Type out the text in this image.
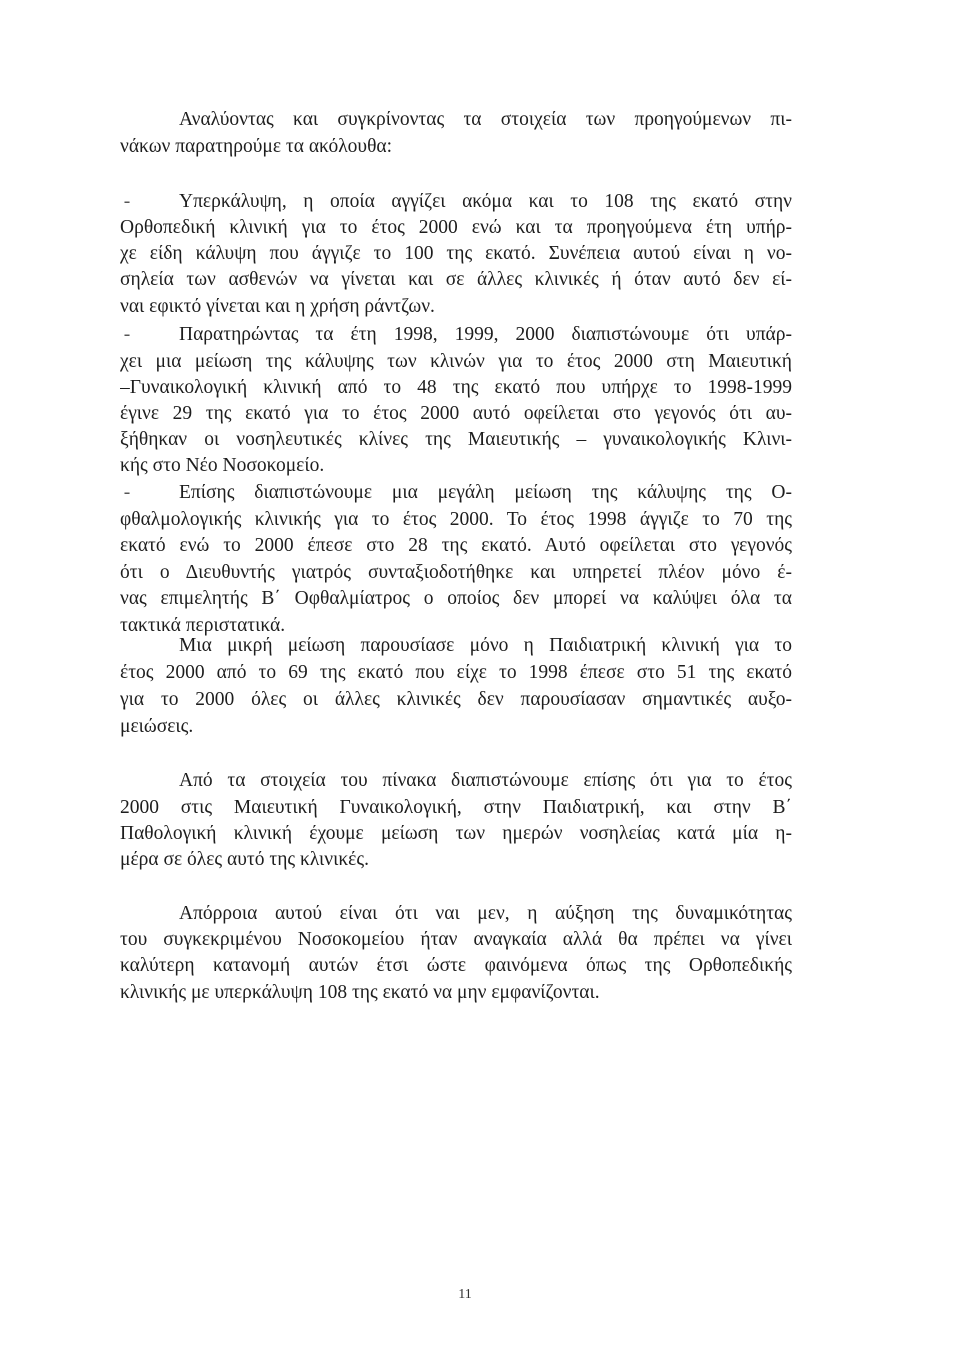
Αναλύοντας και συγκρίνοντας τα στοιχεία των προηγούμενων πι-
νάκων παρατηρούμε τα ακόλουθα:
-	Υπερκάλυψη, η οποία αγγίζει ακόμα και το 108 της εκατό στην
Ορθοπεδική κλινική για το έτος 2000 ενώ και τα προηγούμενα έτη υπήρ-
χε είδη κάλυψη που άγγιζε το 100 της εκατό. Συνέπεια αυτού είναι η νο-
σηλεία των ασθενών να γίνεται και σε άλλες κλινικές ή όταν αυτό δεν εί-
ναι εφικτό γίνεται και η χρήση ράντζων.
-	Παρατηρώντας τα έτη 1998, 1999, 2000 διαπιστώνουμε ότι υπάρ-
χει μια μείωση της κάλυψης των κλινών για το έτος 2000 στη Μαιευτική
–Γυναικολογική κλινική από το 48 της εκατό που υπήρχε το 1998-1999
έγινε 29 της εκατό για το έτος 2000 αυτό οφείλεται στο γεγονός ότι αυ-
ξήθηκαν οι νοσηλευτικές κλίνες της Μαιευτικής – γυναικολογικής Κλινι-
κής στο Νέο Νοσοκομείο.
-	Επίσης διαπιστώνουμε μια μεγάλη μείωση της κάλυψης της Ο-
φθαλμολογικής κλινικής για το έτος 2000. Το έτος 1998 άγγιζε το 70 της
εκατό ενώ το 2000 έπεσε στο 28 της εκατό. Αυτό οφείλεται στο γεγονός
ότι ο Διευθυντής γιατρός συνταξιοδοτήθηκε και υπηρετεί πλέον μόνο έ-
νας επιμελητής Β΄ Οφθαλμίατρος ο οποίος δεν μπορεί να καλύψει όλα τα
τακτικά περιστατικά.
Μια μικρή μείωση παρουσίασε μόνο η Παιδιατρική κλινική για το
έτος 2000 από το 69 της εκατό που είχε το 1998 έπεσε στο 51 της εκατό
για το 2000 όλες οι άλλες κλινικές δεν παρουσίασαν σημαντικές αυξο-
μειώσεις.
Από τα στοιχεία του πίνακα διαπιστώνουμε επίσης ότι για το έτος
2000 στις Μαιευτική Γυναικολογική, στην Παιδιατρική, και στην Β΄
Παθολογική κλινική έχουμε μείωση των ημερών νοσηλείας κατά μία η-
μέρα σε όλες αυτό της κλινικές.
Απόρροια αυτού είναι ότι ναι μεν, η αύξηση της δυναμικότητας
του συγκεκριμένου Νοσοκομείου ήταν αναγκαία αλλά θα πρέπει να γίνει
καλύτερη κατανομή αυτών έτσι ώστε φαινόμενα όπως της Ορθοπεδικής
κλινικής με υπερκάλυψη 108 της εκατό να μην εμφανίζονται.
11
